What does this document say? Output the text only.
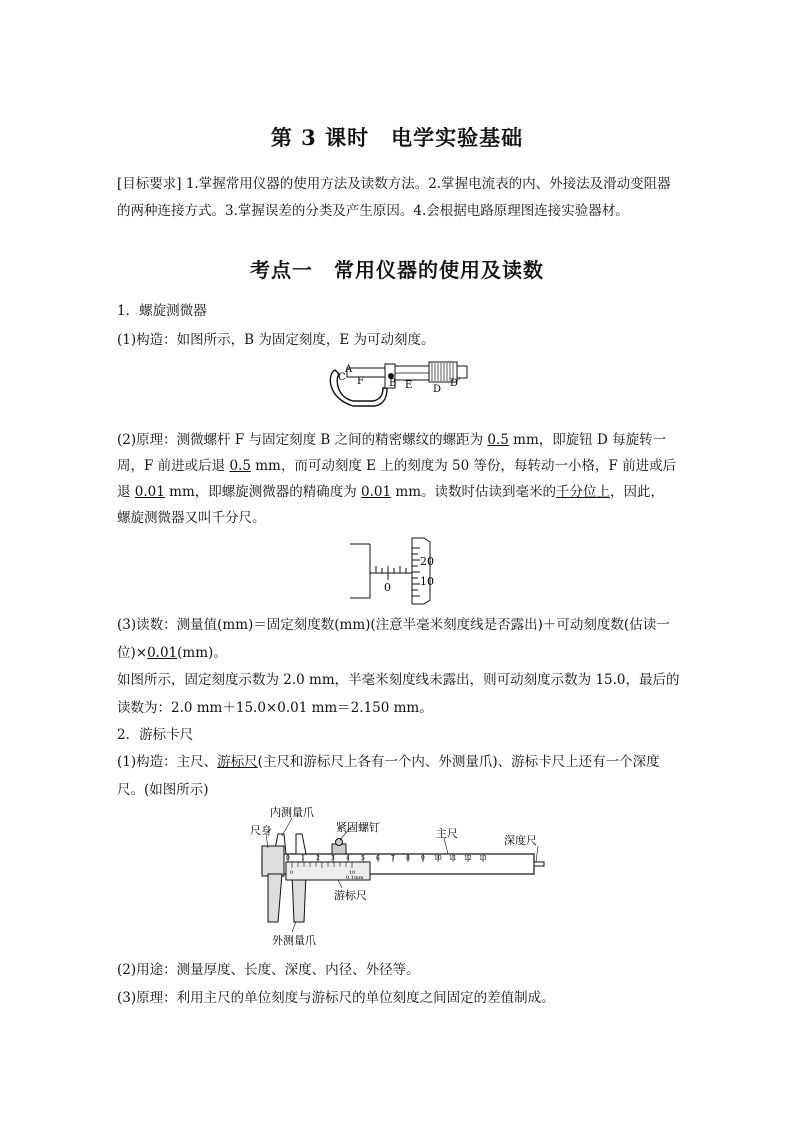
第 3 课时　电学实验基础
[目标要求] 1.掌握常用仪器的使用方法及读数方法。2.掌握电流表的内、外接法及滑动变阻器的两种连接方式。3.掌握误差的分类及产生原因。4.会根据电路原理图连接实验器材。
考点一　常用仪器的使用及读数
1．螺旋测微器
(1)构造：如图所示，B 为固定刻度，E 为可动刻度。
C
A
F	B E D
D′
(2)原理：测微螺杆 F 与固定刻度 B 之间的精密螺纹的螺距为 0.5 mm，即旋钮 D 每旋转一周，F 前进或后退 0.5 mm，而可动刻度 E 上的刻度为 50 等份，每转动一小格，F 前进或后退 0.01 mm，即螺旋测微器的精确度为 0.01 mm。读数时估读到毫米的千分位上，因此，螺旋测微器又叫千分尺。
20
10
0
(3)读数：测量值(mm)＝固定刻度数(mm)(注意半毫米刻度线是否露出)＋可动刻度数(估读一位)×0.01(mm)。
如图所示，固定刻度示数为 2.0 mm，半毫米刻度线未露出，则可动刻度示数为 15.0，最后的
读数为：2.0 mm＋15.0×0.01 mm＝2.150 mm。
2．游标卡尺
(1)构造：主尺、游标尺(主尺和游标尺上各有一个内、外测量爪)、游标卡尺上还有一个深度尺。(如图所示)
0 1 2 3 4 5 6 7 8 9 10 11 12 13
0	10
0.1mm
内测量爪
尺身	紧固螺钉	主尺
深度尺
游标尺
外测量爪
(2)用途：测量厚度、长度、深度、内径、外径等。
(3)原理：利用主尺的单位刻度与游标尺的单位刻度之间固定的差值制成。
